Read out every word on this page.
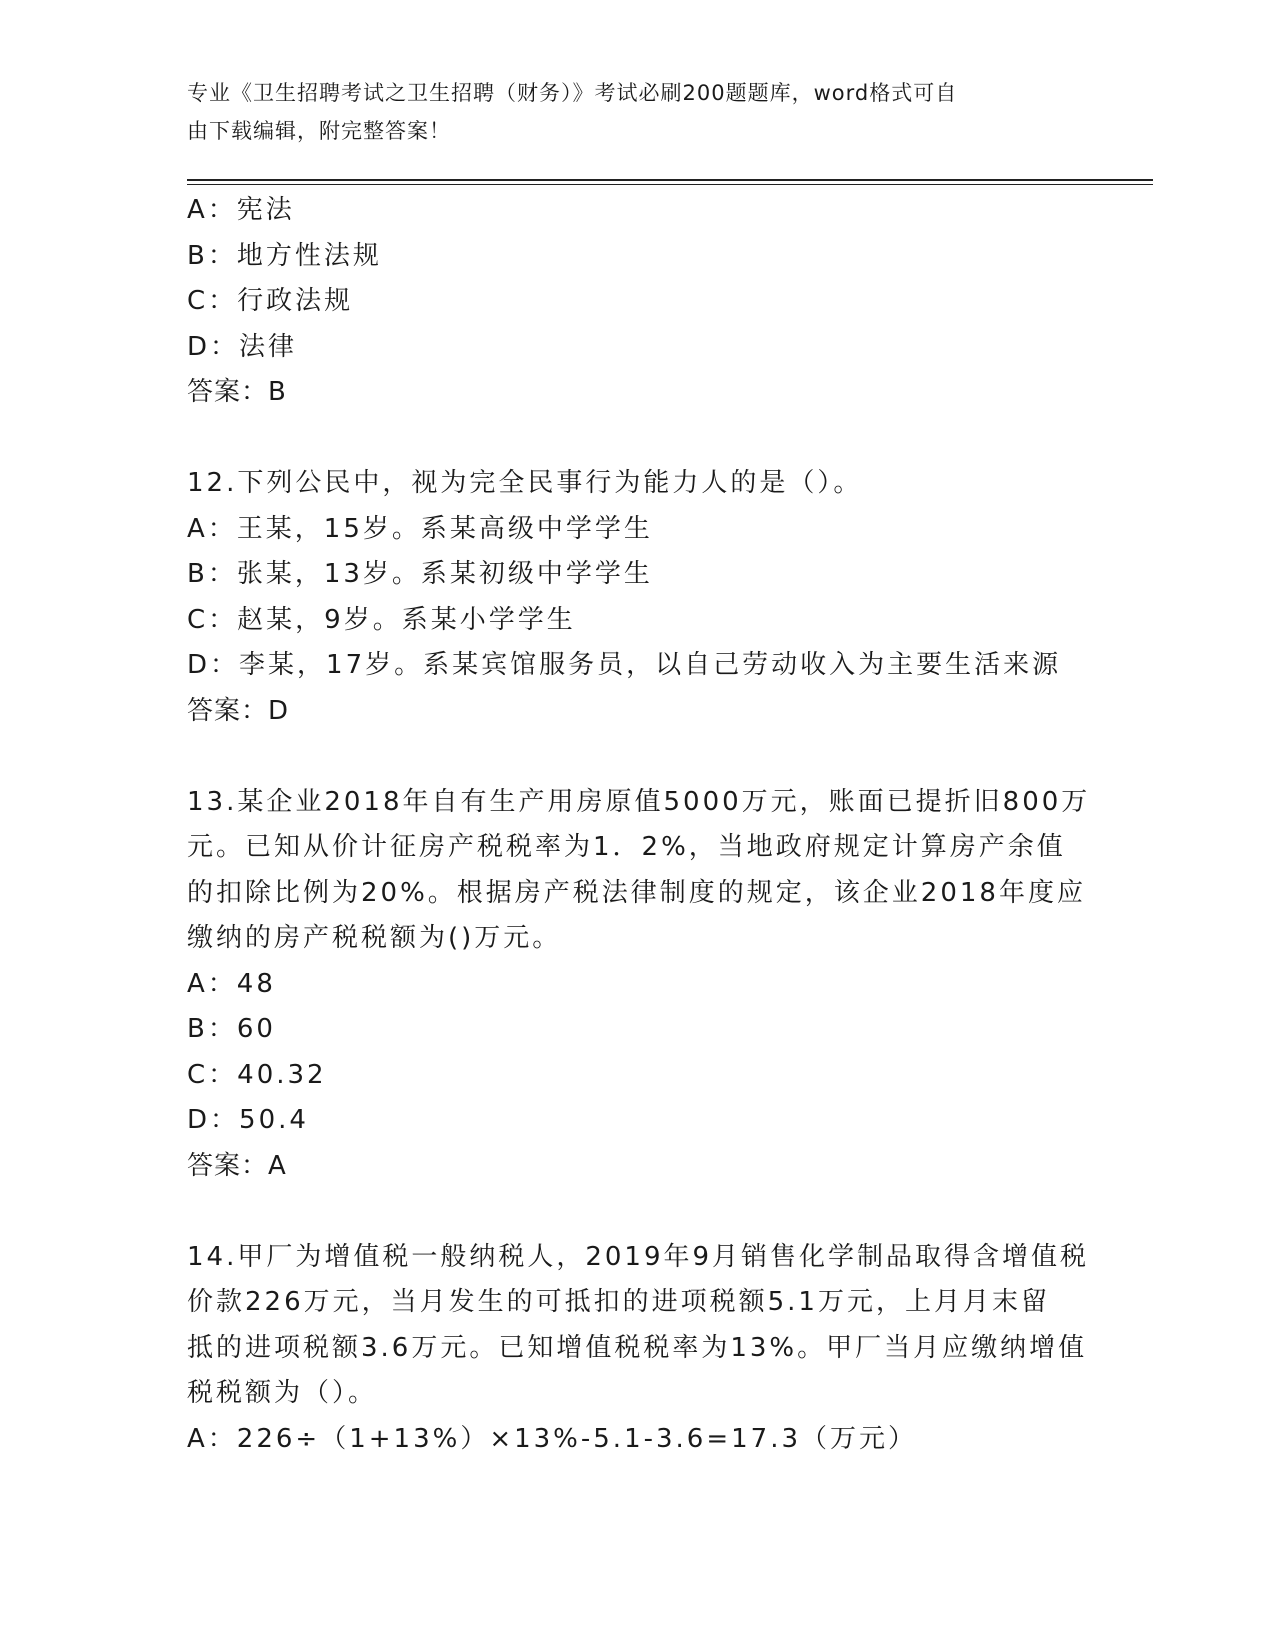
专业《卫生招聘考试之卫生招聘（财务）》考试必刷200题题库，word格式可自
由下载编辑，附完整答案！
A：宪法
B：地方性法规
C：行政法规
D：法律
答案：B
12.下列公民中，视为完全民事行为能力人的是（）。
A：王某，15岁。系某高级中学学生
B：张某，13岁。系某初级中学学生
C：赵某，9岁。系某小学学生
D：李某，17岁。系某宾馆服务员，以自己劳动收入为主要生活来源
答案：D
13.某企业2018年自有生产用房原值5000万元，账面已提折旧800万
元。已知从价计征房产税税率为1．2%，当地政府规定计算房产余值
的扣除比例为20%。根据房产税法律制度的规定，该企业2018年度应
缴纳的房产税税额为()万元。
A：48
B：60
C：40.32
D：50.4
答案：A
14.甲厂为增值税一般纳税人，2019年9月销售化学制品取得含增值税
价款226万元，当月发生的可抵扣的进项税额5.1万元，上月月末留
抵的进项税额3.6万元。已知增值税税率为13%。甲厂当月应缴纳增值
税税额为（）。
A：226÷（1+13%）×13%-5.1-3.6=17.3（万元）
